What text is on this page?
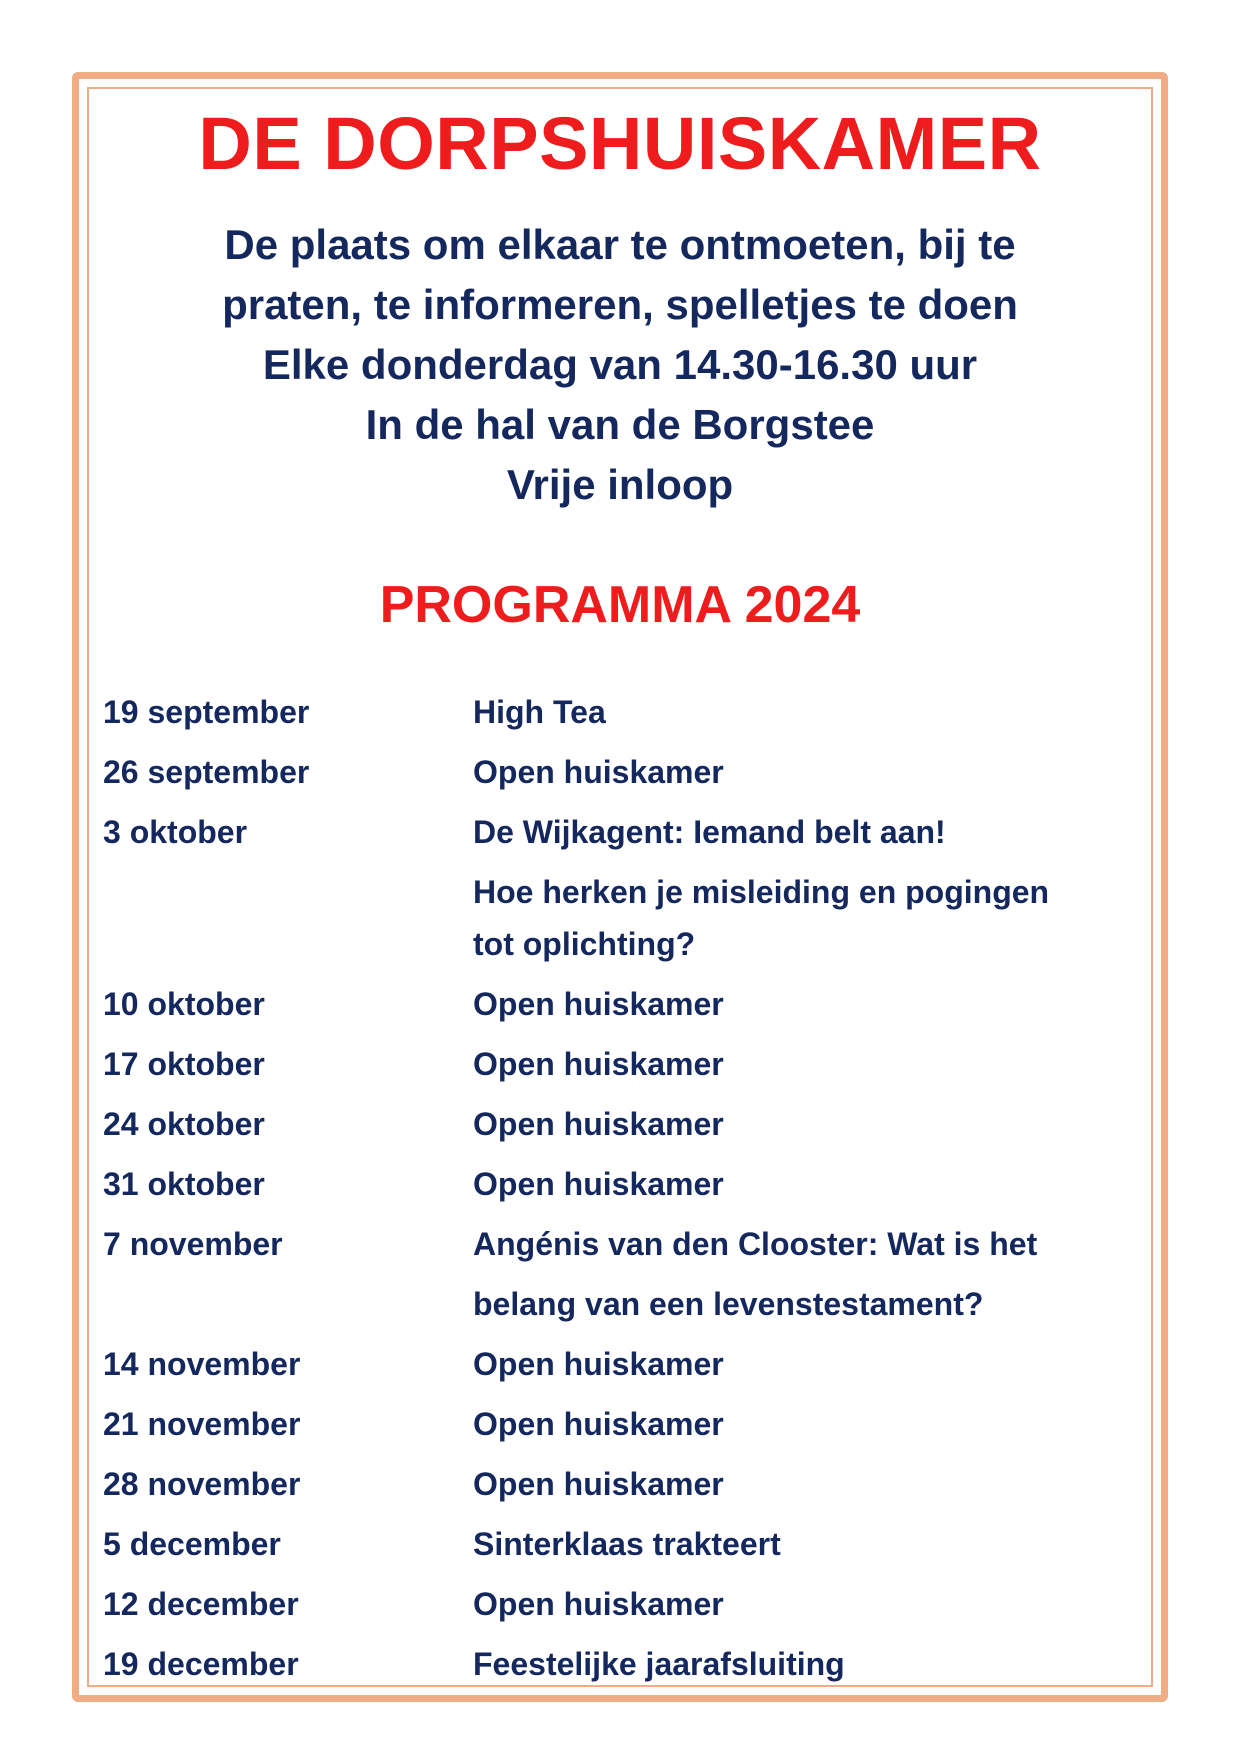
DE DORPSHUISKAMER
De plaats om elkaar te ontmoeten, bij te
praten, te informeren, spelletjes te doen
Elke donderdag van 14.30-16.30 uur
In de hal van de Borgstee
Vrije inloop
PROGRAMMA 2024
19 september	High Tea
26 september	Open huiskamer
3 oktober	De Wijkagent: Iemand belt aan!
Hoe herken je misleiding en pogingen
tot oplichting?
10 oktober	Open huiskamer
17 oktober	Open huiskamer
24 oktober	Open huiskamer
31 oktober	Open huiskamer
7 november	Angénis van den Clooster: Wat is het
belang van een levenstestament?
14 november	Open huiskamer
21 november	Open huiskamer
28 november	Open huiskamer
5 december	Sinterklaas trakteert
12 december	Open huiskamer
19 december	Feestelijke jaarafsluiting
